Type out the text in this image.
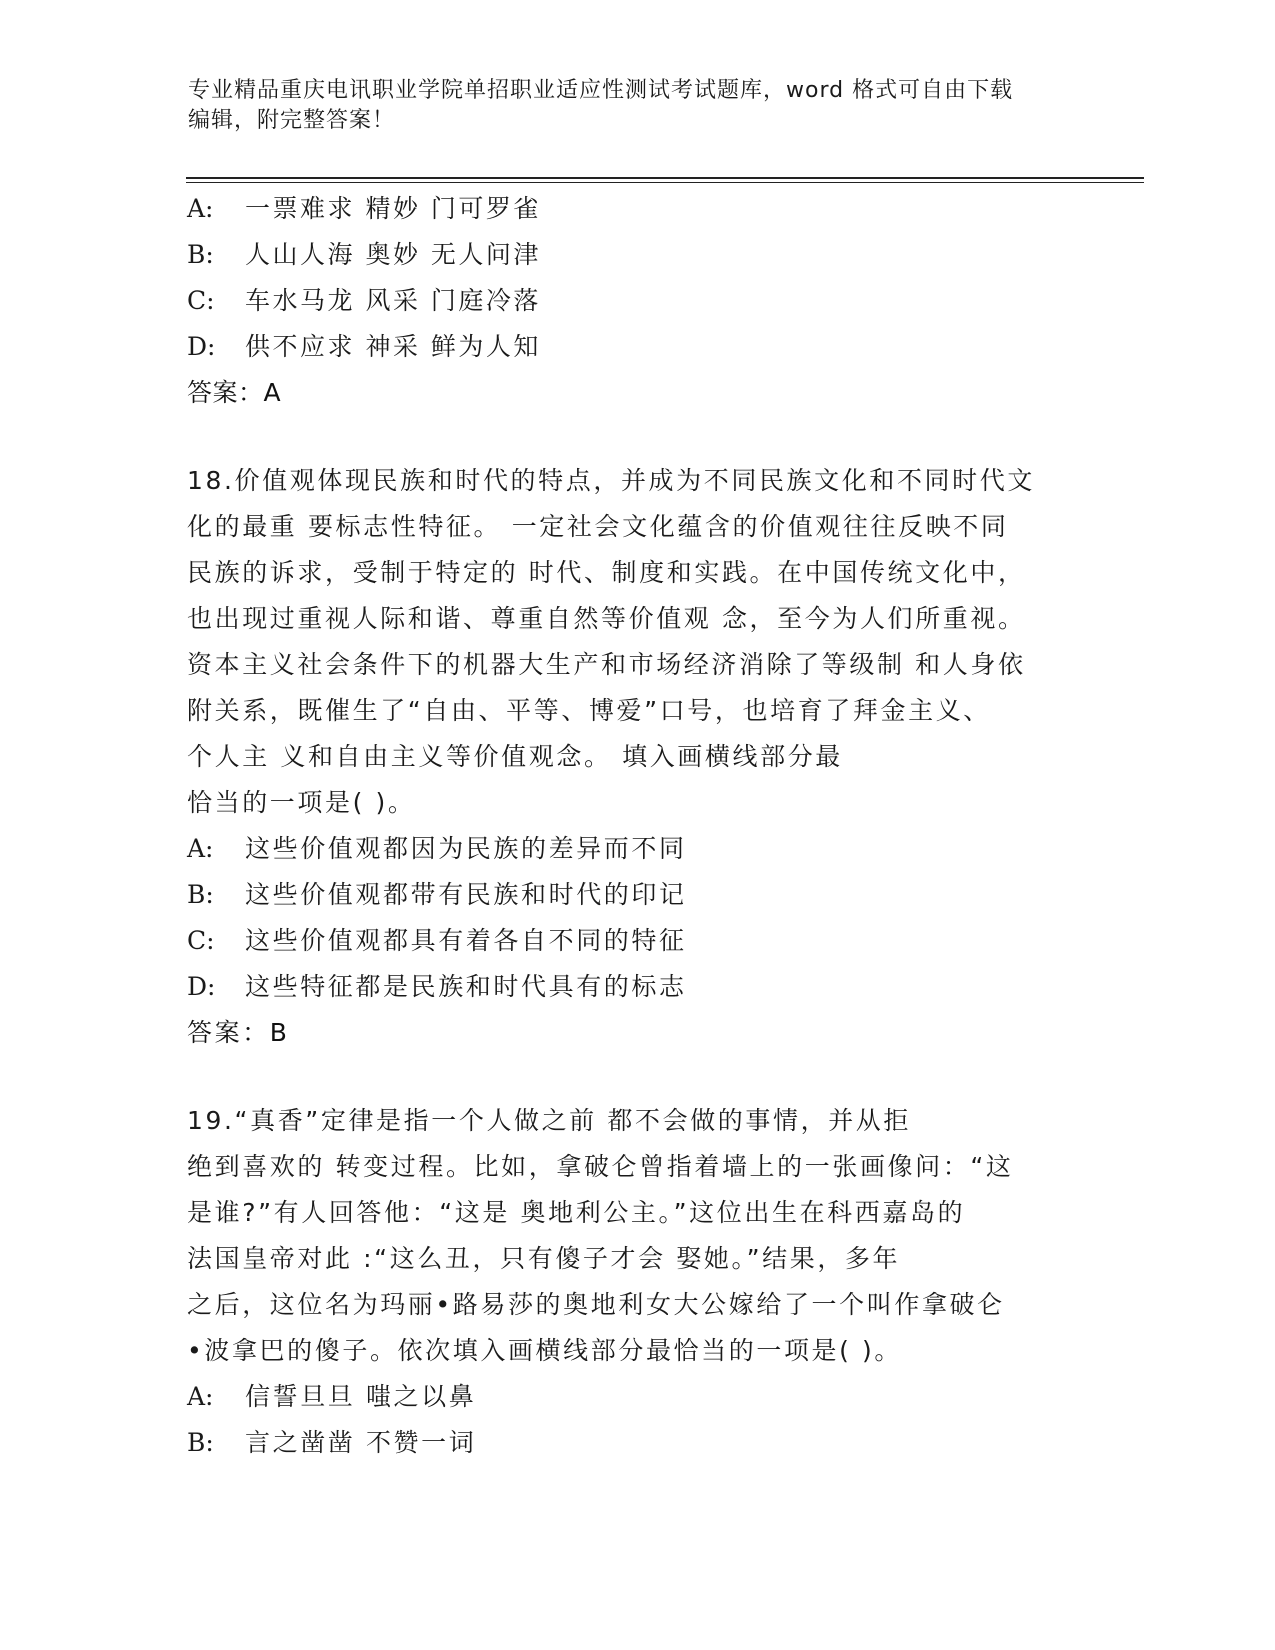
专业精品重庆电讯职业学院单招职业适应性测试考试题库，word 格式可自由下载
编辑，附完整答案！
A: 一票难求 精妙 门可罗雀
B: 人山人海 奥妙 无人问津
C: 车水马龙 风采 门庭冷落
D: 供不应求 神采 鲜为人知
答案：A
18.价值观体现民族和时代的特点，并成为不同民族文化和不同时代文
化的最重 要标志性特征。 一定社会文化蕴含的价值观往往反映不同
民族的诉求，受制于特定的 时代、制度和实践。在中国传统文化中，
也出现过重视人际和谐、尊重自然等价值观 念，至今为人们所重视。
资本主义社会条件下的机器大生产和市场经济消除了等级制 和人身依
附关系，既催生了“自由、平等、博爱”口号，也培育了拜金主义、
个人主 义和自由主义等价值观念。 填入画横线部分最
恰当的一项是( )。
A: 这些价值观都因为民族的差异而不同
B: 这些价值观都带有民族和时代的印记
C: 这些价值观都具有着各自不同的特征
D: 这些特征都是民族和时代具有的标志
答案：B
19.“真香”定律是指一个人做之前 都不会做的事情，并从拒
绝到喜欢的 转变过程。比如，拿破仑曾指着墙上的一张画像问：“这
是谁?”有人回答他：“这是 奥地利公主。”这位出生在科西嘉岛的
法国皇帝对此 :“这么丑，只有傻子才会 娶她。”结果，多年
之后，这位名为玛丽•路易莎的奥地利女大公嫁给了一个叫作拿破仑
•波拿巴的傻子。依次填入画横线部分最恰当的一项是( )。
A: 信誓旦旦 嗤之以鼻
B: 言之凿凿 不赞一词
